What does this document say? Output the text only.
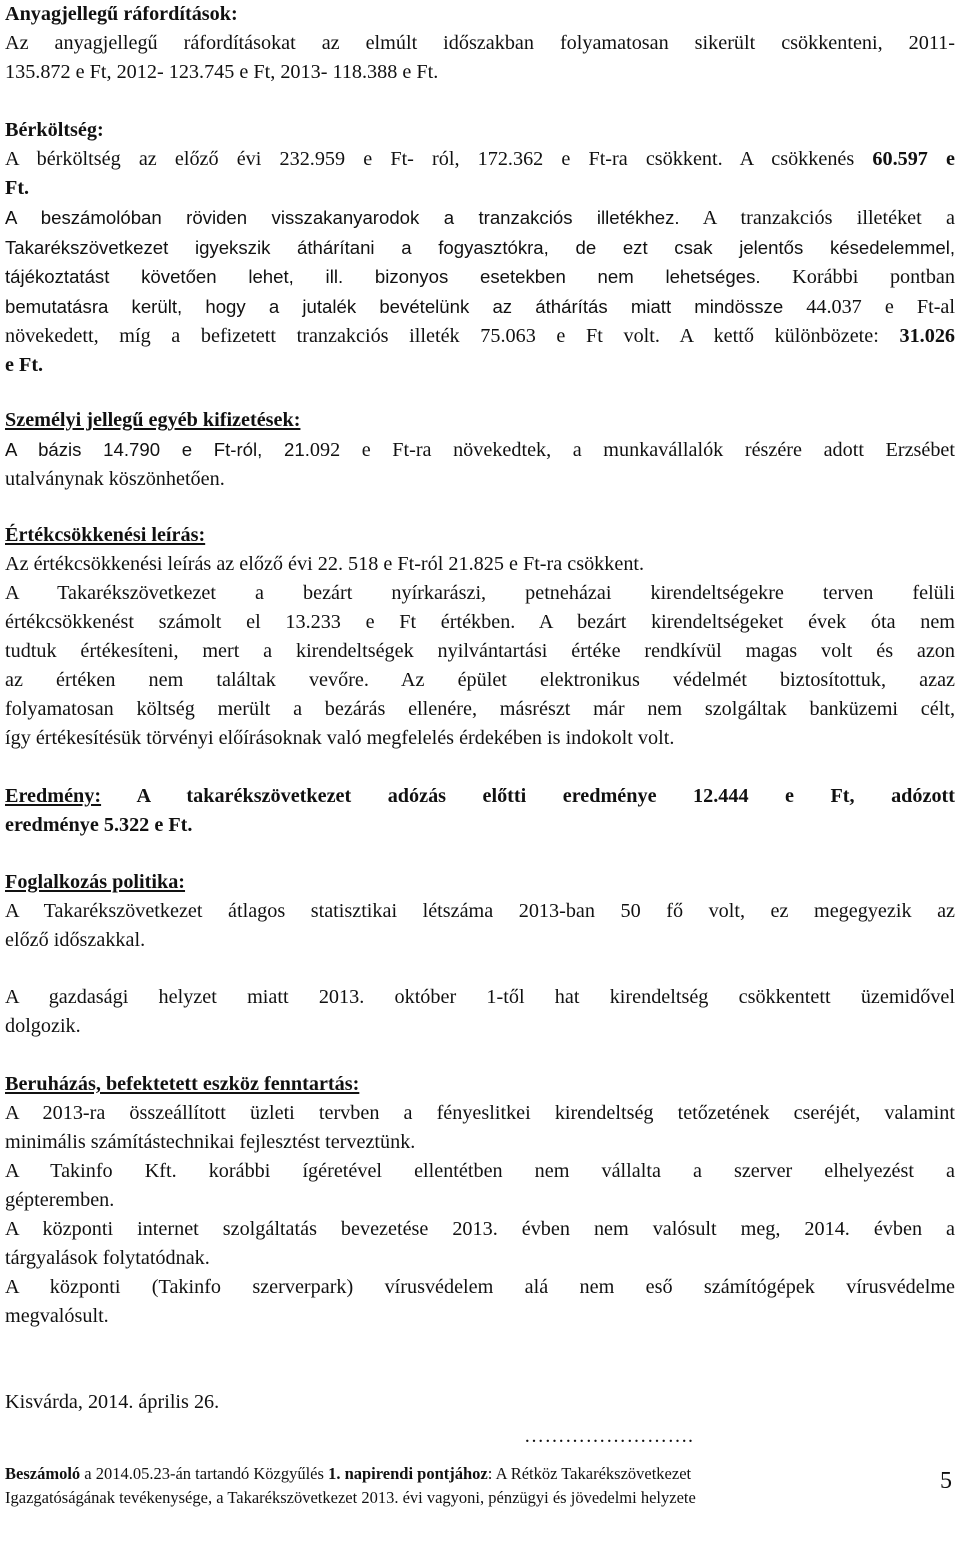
Anyagjellegű ráfordítások:

Az anyagjellegű ráfordításokat az elmúlt időszakban folyamatosan sikerült csökkenteni, 2011-

135.872 e Ft, 2012- 123.745 e Ft, 2013- 118.388 e Ft.

Bérköltség:

A bérköltség az előző évi 232.959 e Ft- ról, 172.362 e Ft-ra csökkent. A csökkenés 60.597 e

Ft.

A beszámolóban röviden visszakanyarodok a tranzakciós illetékhez. A tranzakciós illetéket a

Takarékszövetkezet igyekszik áthárítani a fogyasztókra, de ezt csak jelentős késedelemmel,

tájékoztatást követően lehet, ill. bizonyos esetekben nem lehetséges. Korábbi pontban

bemutatásra került, hogy a jutalék bevételünk az áthárítás miatt mindössze 44.037 e Ft-al

növekedett, míg a befizetett tranzakciós illeték 75.063 e Ft volt. A kettő különbözete: 31.026

e Ft.

Személyi jellegű egyéb kifizetések:

A bázis 14.790 e Ft-ról, 21.092 e Ft-ra növekedtek, a munkavállalók részére adott Erzsébet

utalványnak köszönhetően.

Értékcsökkenési leírás:

Az értékcsökkenési leírás az előző évi 22. 518 e Ft-ról 21.825 e Ft-ra csökkent.

A Takarékszövetkezet a bezárt nyírkarászi, petneházai kirendeltségekre terven felüli

értékcsökkenést számolt el 13.233 e Ft értékben. A bezárt kirendeltségeket évek óta nem

tudtuk értékesíteni, mert a kirendeltségek nyilvántartási értéke rendkívül magas volt és azon

az értéken nem találtak vevőre. Az épület elektronikus védelmét biztosítottuk, azaz

folyamatosan költség merült a bezárás ellenére, másrészt már nem szolgáltak banküzemi célt,

így értékesítésük törvényi előírásoknak való megfelelés érdekében is indokolt volt.

Eredmény: A takarékszövetkezet adózás előtti eredménye 12.444 e Ft, adózott

eredménye 5.322 e Ft.

Foglalkozás politika:

A Takarékszövetkezet átlagos statisztikai létszáma 2013-ban 50 fő volt, ez megegyezik az

előző időszakkal.

A gazdasági helyzet miatt 2013. október 1-től hat kirendeltség csökkentett üzemidővel

dolgozik.

Beruházás, befektetett eszköz fenntartás:

A 2013-ra összeállított üzleti tervben a fényeslitkei kirendeltség tetőzetének cseréjét, valamint

minimális számítástechnikai fejlesztést terveztünk.

A Takinfo Kft. korábbi ígéretével ellentétben nem vállalta a szerver elhelyezést a

gépteremben.

A központi internet szolgáltatás bevezetése 2013. évben nem valósult meg, 2014. évben a

tárgyalások folytatódnak.

A központi (Takinfo szerverpark) vírusvédelem alá nem eső számítógépek vírusvédelme

megvalósult.

Kisvárda, 2014. április 26.

…………………….

Beszámoló a 2014.05.23-án tartandó Közgyűlés 1. napirendi pontjához: A Rétköz Takarékszövetkezet

Igazgatóságának tevékenysége, a Takarékszövetkezet 2013. évi vagyoni, pénzügyi és jövedelmi helyzete

5
